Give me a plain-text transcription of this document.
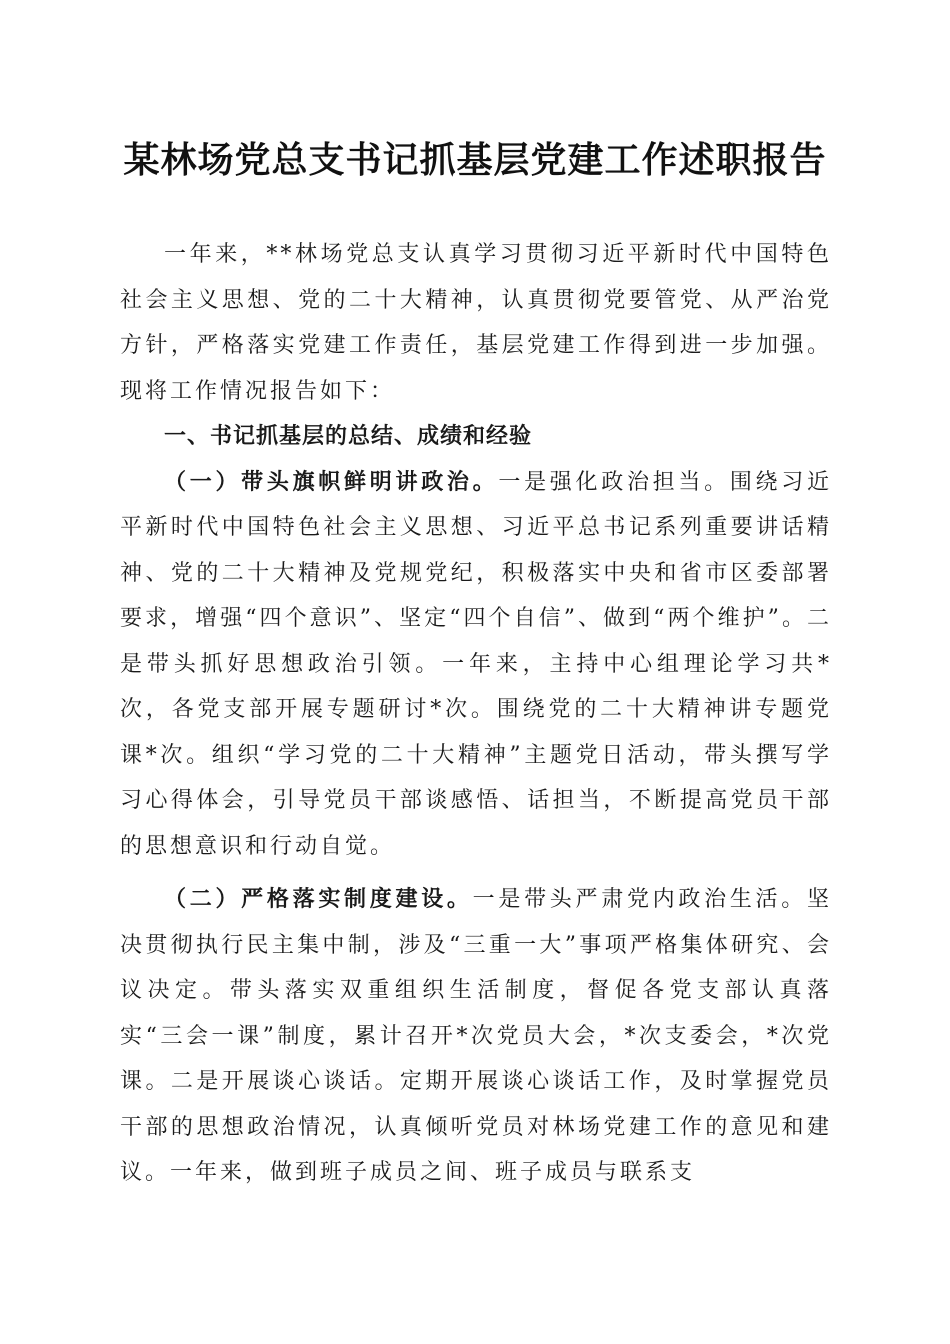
某林场党总支书记抓基层党建工作述职报告

一年来，**林场党总支认真学习贯彻习近平新时代中国特色社会主义思想、党的二十大精神，认真贯彻党要管党、从严治党方针，严格落实党建工作责任，基层党建工作得到进一步加强。现将工作情况报告如下：

一、书记抓基层的总结、成绩和经验

（一）带头旗帜鲜明讲政治。一是强化政治担当。围绕习近平新时代中国特色社会主义思想、习近平总书记系列重要讲话精神、党的二十大精神及党规党纪，积极落实中央和省市区委部署要求，增强“四个意识”、坚定“四个自信”、做到“两个维护”。二是带头抓好思想政治引领。一年来，主持中心组理论学习共*次，各党支部开展专题研讨*次。围绕党的二十大精神讲专题党课*次。组织“学习党的二十大精神”主题党日活动，带头撰写学习心得体会，引导党员干部谈感悟、话担当，不断提高党员干部的思想意识和行动自觉。

（二）严格落实制度建设。一是带头严肃党内政治生活。坚决贯彻执行民主集中制，涉及“三重一大”事项严格集体研究、会议决定。带头落实双重组织生活制度，督促各党支部认真落实“三会一课”制度，累计召开*次党员大会，*次支委会，*次党课。二是开展谈心谈话。定期开展谈心谈话工作，及时掌握党员干部的思想政治情况，认真倾听党员对林场党建工作的意见和建议。一年来，做到班子成员之间、班子成员与联系支
